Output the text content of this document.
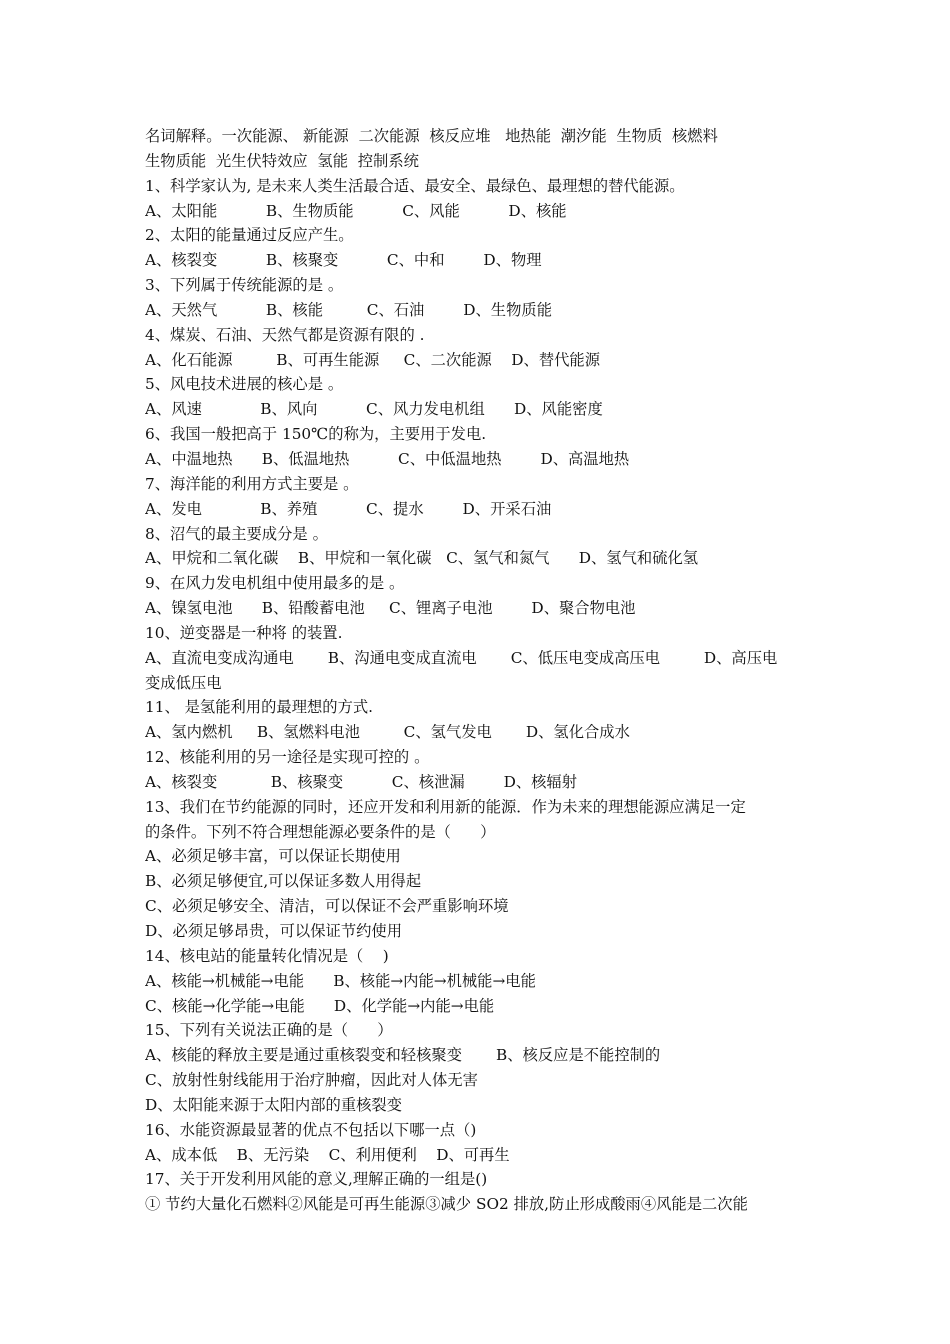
名词解释。一次能源、 新能源  二次能源  核反应堆   地热能  潮汐能  生物质  核燃料
生物质能  光生伏特效应  氢能  控制系统
1、科学家认为, 是未来人类生活最合适、最安全、最绿色、最理想的替代能源。
A、太阳能          B、生物质能          C、风能          D、核能
2、太阳的能量通过反应产生。
A、核裂变          B、核聚变          C、中和        D、物理
3、下列属于传统能源的是 。
A、天然气          B、核能         C、石油        D、生物质能
4、煤炭、石油、天然气都是资源有限的 .
A、化石能源         B、可再生能源     C、二次能源    D、替代能源
5、风电技术进展的核心是 。
A、风速            B、风向          C、风力发电机组      D、风能密度
6、我国一般把高于 150℃的称为，主要用于发电.
A、中温地热      B、低温地热          C、中低温地热        D、高温地热
7、海洋能的利用方式主要是 。
A、发电            B、养殖          C、提水        D、开采石油
8、沼气的最主要成分是 。
A、甲烷和二氧化碳    B、甲烷和一氧化碳   C、氢气和氮气      D、氢气和硫化氢
9、在风力发电机组中使用最多的是 。
A、镍氢电池      B、铅酸蓄电池     C、锂离子电池        D、聚合物电池
10、逆变器是一种将 的装置.
A、直流电变成沟通电       B、沟通电变成直流电       C、低压电变成高压电         D、高压电
变成低压电
11、 是氢能利用的最理想的方式.
A、氢内燃机     B、氢燃料电池         C、氢气发电       D、氢化合成水
12、核能利用的另一途径是实现可控的 。
A、核裂变           B、核聚变          C、核泄漏        D、核辐射
13、我们在节约能源的同时，还应开发和利用新的能源．作为未来的理想能源应满足一定
的条件。下列不符合理想能源必要条件的是（      ）
A、必须足够丰富，可以保证长期使用
B、必须足够便宜,可以保证多数人用得起
C、必须足够安全、清洁，可以保证不会严重影响环境
D、必须足够昂贵，可以保证节约使用
14、核电站的能量转化情况是（    )
A、核能→机械能→电能      B、核能→内能→机械能→电能
C、核能→化学能→电能      D、化学能→内能→电能
15、下列有关说法正确的是（      ）
A、核能的释放主要是通过重核裂变和轻核聚变       B、核反应是不能控制的
C、放射性射线能用于治疗肿瘤，因此对人体无害
D、太阳能来源于太阳内部的重核裂变
16、水能资源最显著的优点不包括以下哪一点（)
A、成本低    B、无污染    C、利用便利    D、可再生
17、关于开发利用风能的意义,理解正确的一组是()
① 节约大量化石燃料②风能是可再生能源③减少 SO2 排放,防止形成酸雨④风能是二次能
